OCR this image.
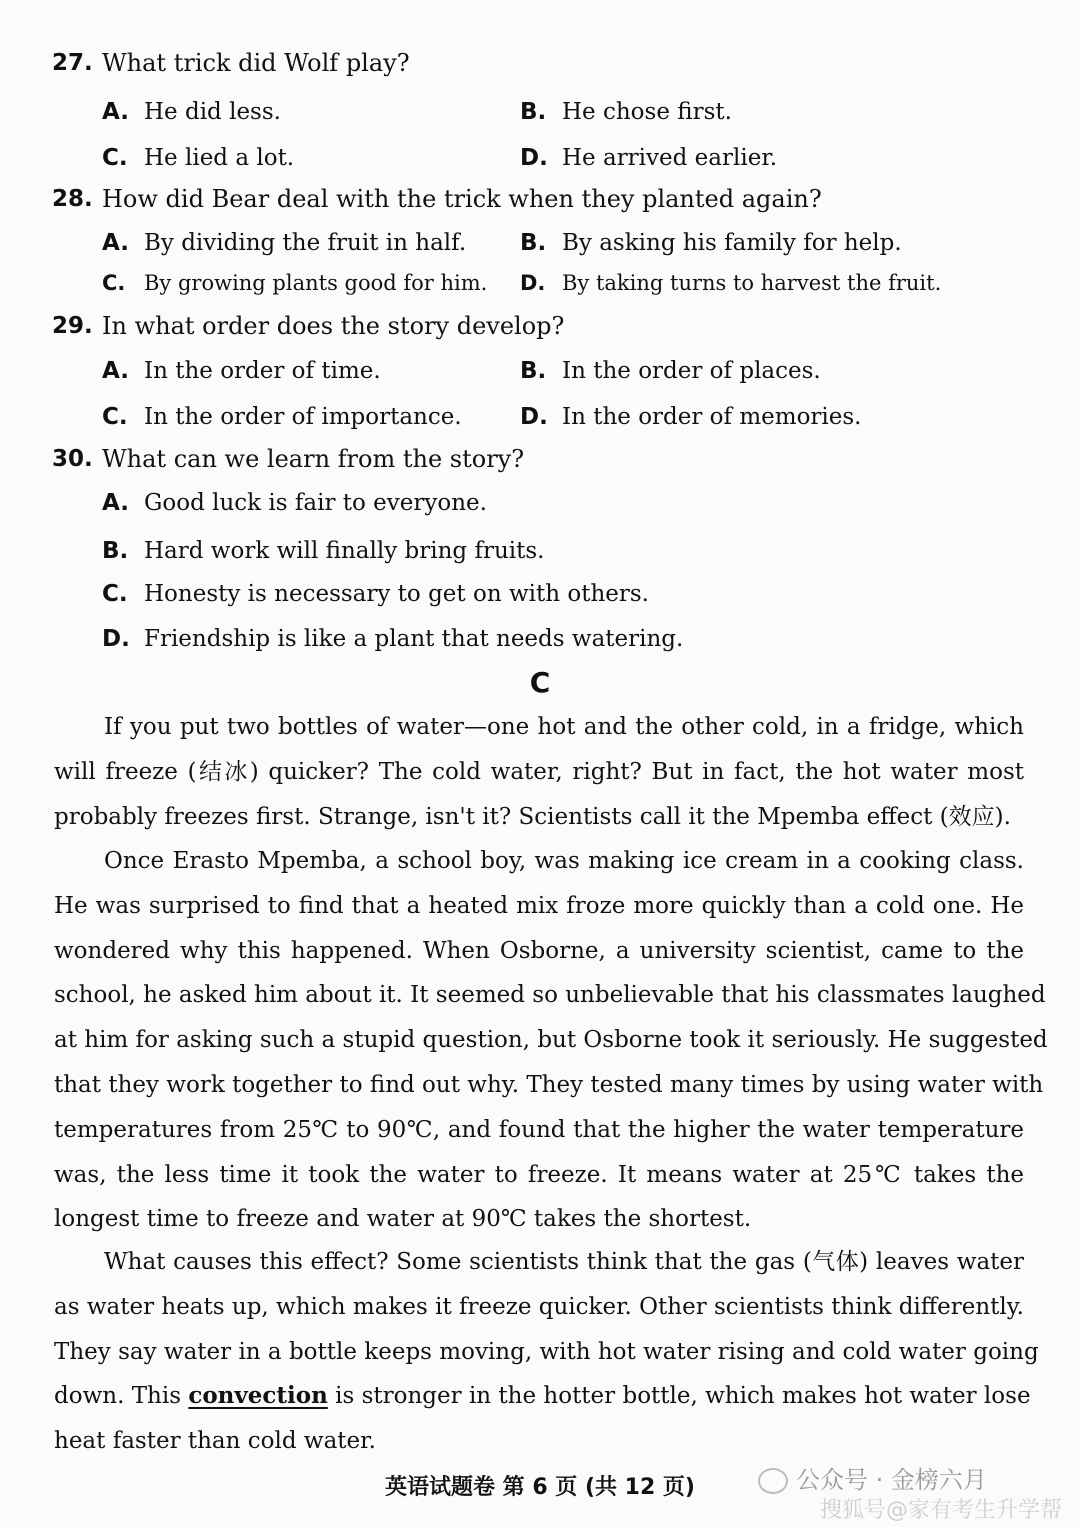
27. What trick did Wolf play?
A. He did less.	B. He chose first.
C. He lied a lot.	D. He arrived earlier.
28. How did Bear deal with the trick when they planted again?
A. By dividing the fruit in half. B. By asking his family for help.
C. By growing plants good for him. D. By taking turns to harvest the fruit.
29. In what order does the story develop?
A. In the order of time.	B. In the order of places.
C. In the order of importance.	D. In the order of memories.
30. What can we learn from the story?
A. Good luck is fair to everyone.
B. Hard work will finally bring fruits.
C. Honesty is necessary to get on with others.
D. Friendship is like a plant that needs watering.
C
If you put two bottles of water—one hot and the other cold, in a fridge, which
will freeze (结冰) quicker? The cold water, right? But in fact, the hot water most
probably freezes first. Strange, isn't it? Scientists call it the Mpemba effect (效应).
Once Erasto Mpemba, a school boy, was making ice cream in a cooking class.
He was surprised to find that a heated mix froze more quickly than a cold one. He
wondered why this happened. When Osborne, a university scientist, came to the
school, he asked him about it. It seemed so unbelievable that his classmates laughed
at him for asking such a stupid question, but Osborne took it seriously. He suggested
that they work together to find out why. They tested many times by using water with
temperatures from 25℃ to 90℃, and found that the higher the water temperature
was, the less time it took the water to freeze. It means water at 25℃ takes the
longest time to freeze and water at 90℃ takes the shortest.
What causes this effect? Some scientists think that the gas (气体) leaves water
as water heats up, which makes it freeze quicker. Other scientists think differently.
They say water in a bottle keeps moving, with hot water rising and cold water going
down. This convection is stronger in the hotter bottle, which makes hot water lose
heat faster than cold water.
英语试题卷 第 6 页 (共 12 页)	公众号 · 金榜六月
搜狐号@家有考生升学帮
